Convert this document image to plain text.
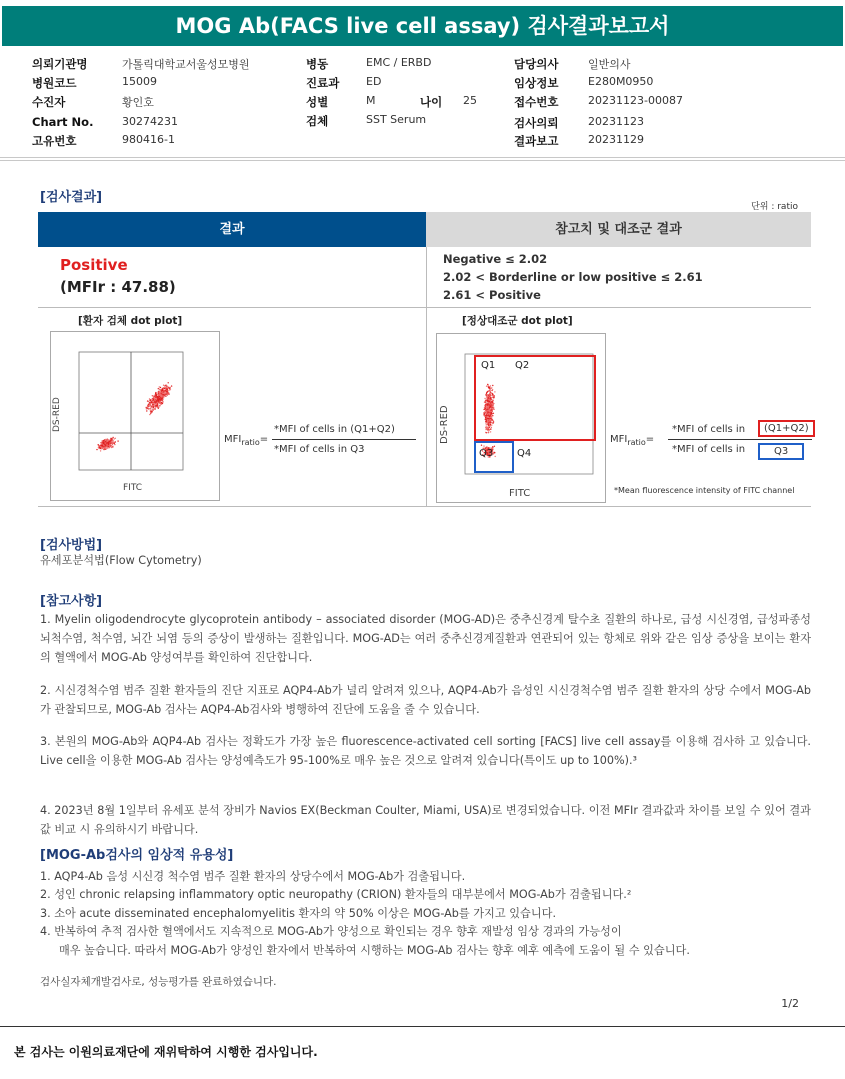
MOG Ab(FACS live cell assay) 검사결과보고서
의뢰기관명	가톨릭대학교서울성모병원
병원코드	15009
수진자	황인호
Chart No.	30274231
고유번호	980416-1
병동	EMC / ERBD
진료과 ED
성별	M	나이 25
검체	SST Serum
담당의사	일반의사
임상정보	E280M0950
접수번호	20231123-00087
검사의뢰	20231123
결과보고	20231129
[검사결과]
단위 : ratio
결과	참고치 및 대조군 결과
Positive
(MFIr : 47.88)
Negative ≤ 2.02
2.02 < Borderline or low positive ≤ 2.61
2.61 < Positive
[환자 검체 dot plot]
DS-RED
FITC
$MFI_{ratio}=$
*MFI of cells in (Q1+Q2)
*MFI of cells in Q3
[정상대조군 dot plot]
Q1 Q2
Q3 Q4
DS-RED
FITC
$MFI_{ratio}=$
*MFI of cells in	(Q1+Q2)
*MFI of cells in	Q3
*Mean fluorescence intensity of FITC channel
[검사방법]
유세포분석법(Flow Cytometry)
[참고사항]
1. Myelin oligodendrocyte glycoprotein antibody – associated disorder (MOG-AD)은 중추신경계 탈수초 질환의 하나로, 급성 시신경염, 급성파종성 뇌척수염, 척수염, 뇌간 뇌염 등의 증상이 발생하는 질환입니다. MOG-AD는 여러 중추신경계질환과 연관되어 있는 항체로 위와 같은 임상 증상을 보이는 환자의 혈액에서 MOG-Ab 양성여부를 확인하여 진단합니다.
2. 시신경척수염 범주 질환 환자들의 진단 지표로 AQP4-Ab가 널리 알려져 있으나, AQP4-Ab가 음성인 시신경척수염 범주 질환 환자의 상당 수에서 MOG-Ab가 관찰되므로, MOG-Ab 검사는 AQP4-Ab검사와 병행하여 진단에 도움을 줄 수 있습니다.
3. 본원의 MOG-Ab와 AQP4-Ab 검사는 정확도가 가장 높은 fluorescence-activated cell sorting [FACS] live cell assay를 이용해 검사하 고 있습니다. Live cell을 이용한 MOG-Ab 검사는 양성예측도가 95-100%로 매우 높은 것으로 알려져 있습니다(특이도 up to 100%).³
4. 2023년 8월 1일부터 유세포 분석 장비가 Navios EX(Beckman Coulter, Miami, USA)로 변경되었습니다. 이전 MFIr 결과값과 차이를 보일 수 있어 결과값 비교 시 유의하시기 바랍니다.
[MOG-Ab검사의 임상적 유용성]
1. AQP4-Ab 음성 시신경 척수염 범주 질환 환자의 상당수에서 MOG-Ab가 검출됩니다.
2. 성인 chronic relapsing inflammatory optic neuropathy (CRION) 환자들의 대부분에서 MOG-Ab가 검출됩니다.²
3. 소아 acute disseminated encephalomyelitis 환자의 약 50% 이상은 MOG-Ab를 가지고 있습니다.
4. 반복하여 추적 검사한 혈액에서도 지속적으로 MOG-Ab가 양성으로 확인되는 경우 향후 재발성 임상 경과의 가능성이
매우 높습니다. 따라서 MOG-Ab가 양성인 환자에서 반복하여 시행하는 MOG-Ab 검사는 향후 예후 예측에 도움이 될 수 있습니다.
검사실자체개발검사로, 성능평가를 완료하였습니다.
1/2
본 검사는 이원의료재단에 재위탁하여 시행한 검사입니다.
